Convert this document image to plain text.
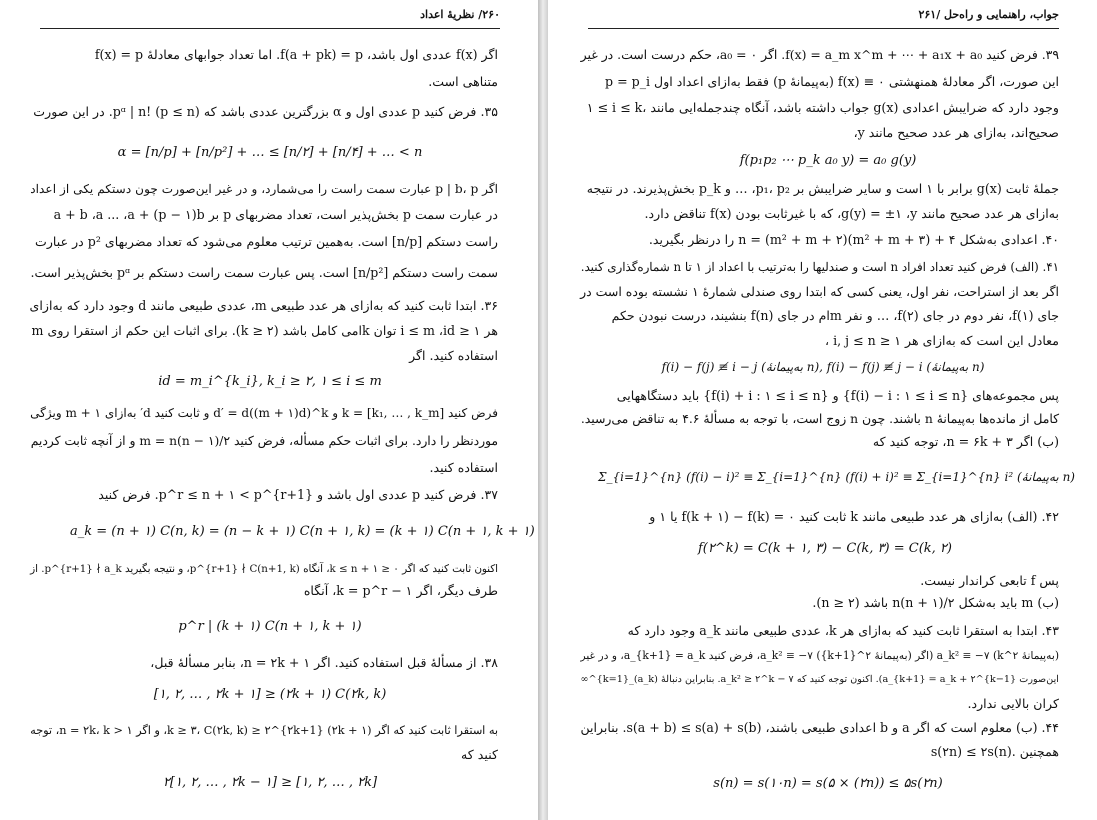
۲۶۰/ نظریهٔ اعداد
اگر f(x) عددی اول باشد، f(a + pk) = p. اما تعداد جوابهای معادلهٔ f(x) = p
متناهی است.
۳۵. فرض کنید p عددی اول و α بزرگترین عددی باشد که pᵅ | n! (p ≤ n). در این صورت
α = [n/p] + [n/p²] + … ≤ [n/۲] + [n/۴] + … < n
اگر p | b، p عبارت سمت راست را می‌شمارد، و در غیر این‌صورت چون دستکم یکی از اعداد
a + b ،a ... ،a + (p − ۱)b بر p بخش‌پذیر است، تعداد مضربهای p در عبارت سمت
راست دستکم [n/p] است. به‌همین ترتیب معلوم می‌شود که تعداد مضربهای p² در عبارت
سمت راست دستکم [n/p²] است. پس عبارت سمت راست دستکم بر pᵅ بخش‌پذیر است.
۳۶. ابتدا ثابت کنید که به‌ازای هر عدد طبیعی m، عددی طبیعی مانند d وجود دارد که به‌ازای
هر ۱ ≤ i ≤ m ،id توان kامی کامل باشد (k ≥ ۲). برای اثبات این حکم از استقرا روی m
استفاده کنید. اگر
id = m_i^{k_i}, k_i ≥ ۲, ۱ ≤ i ≤ m
فرض کنید k = [k₁, … , k_m] و d′ = d((m + ۱)d)^k و ثابت کنید d′ به‌ازای m + ۱ ویژگی
موردنظر را دارد. برای اثبات حکم مسأله، فرض کنید m = n(n − ۱)/۲ و از آنچه ثابت کردیم
استفاده کنید.
۳۷. فرض کنید p عددی اول باشد و p^r ≤ n + ۱ < p^{r+1}. فرض کنید
a_k = (n + ۱) C(n, k) = (n − k + ۱) C(n + ۱, k) = (k + ۱) C(n + ۱, k + ۱)
اکنون ثابت کنید که اگر ۰ ≤ k ≤ n + ۱، آنگاه p^{r+1} ∤ C(n+1, k)، و نتیجه بگیرید p^{r+1} ∤ a_k. از
طرف دیگر، اگر k = p^r − ۱، آنگاه
p^r | (k + ۱) C(n + ۱, k + ۱)
۳۸. از مسألهٔ قبل استفاده کنید. اگر n = ۲k + ۱، بنابر مسألهٔ قبل،
[۱, ۲, … , ۲k + ۱] ≥ (۲k + ۱) C(۲k, k)
به استقرا ثابت کنید که اگر k ≥ ۳، C(۲k, k) ≥ ۲^{۲k+1} (۲k + ۱)، و اگر n = ۲k، k > ۱، توجه
کنید که
۲[۱, ۲, … , ۲k − ۱] ≥ [۱, ۲, … , ۲k]
جواب، راهنمایی و راه‌حل /۲۶۱
۳۹. فرض کنید f(x) = a_m x^m + ⋯ + a₁x + a₀. اگر a₀ = ۰، حکم درست است. در غیر
این صورت، اگر معادلهٔ همنهشتی f(x) ≡ ۰ (به‌پیمانهٔ p) فقط به‌ازای اعداد اول p = p_i
۱ ≤ i ≤ k، جواب داشته باشد، آنگاه چندجمله‌ایی مانند g(x) وجود دارد که ضرایبش اعدادی
صحیح‌اند، به‌ازای هر عدد صحیح مانند y،
f(p₁p₂ ⋯ p_k a₀ y) = a₀ g(y)
جملهٔ ثابت g(x) برابر با ۱ است و سایر ضرایبش بر p₁، p₂، … و p_k بخش‌پذیرند. در نتیجه
به‌ازای هر عدد صحیح مانند g(y) = ±۱ ،y، که با غیرثابت بودن f(x) تناقض دارد.
۴۰. اعدادی به‌شکل n = (m² + m + ۲)(m² + m + ۳) + ۴ را درنظر بگیرید.
۴۱. (الف) فرض کنید تعداد افراد n است و صندلیها را به‌ترتیب با اعداد از ۱ تا n شماره‌گذاری کنید.
اگر بعد از استراحت، نفر اول، یعنی کسی که ابتدا روی صندلی شمارهٔ ۱ نشسته بوده است در
جای f(۱)، نفر دوم در جای f(۲)، … و نفر mام در جای f(n) بنشیند، درست نبودن حکم
معادل این است که به‌ازای هر ۱ ≤ i, j ≤ n ،
f(i) − f(j) ≢ i − j (به‌پیمانهٔ n), f(i) − f(j) ≢ j − i (به‌پیمانهٔ n)
پس مجموعه‌های {f(i) − i : ۱ ≤ i ≤ n} و {f(i) + i : ۱ ≤ i ≤ n} باید دستگاههایی
کامل از مانده‌ها به‌پیمانهٔ n باشند. چون n زوج است، با توجه به مسألهٔ ۴.۶ به تناقض می‌رسید.
(ب) اگر n = ۶k + ۳، توجه کنید که
Σ_{i=1}^{n} (f(i) − i)² ≡ Σ_{i=1}^{n} (f(i) + i)² ≡ Σ_{i=1}^{n} i² (به‌پیمانهٔ n)
۴۲. (الف) به‌ازای هر عدد طبیعی مانند k ثابت کنید f(k + ۱) − f(k) = ۰ یا ۱ و
f(۲^k) = C(k + ۱, ۳) − C(k, ۳) = C(k, ۲)
پس f تابعی کراندار نیست.
(ب) m باید به‌شکل n(n + ۱)/۲ باشد (n ≥ ۲).
۴۳. ابتدا به استقرا ثابت کنید که به‌ازای هر k، عددی طبیعی مانند a_k وجود دارد که
(به‌پیمانهٔ ۲^k) a_k² ≡ −۷ (اگر (به‌پیمانهٔ ۲^{k+1}) a_k² ≡ −۷، فرض کنید a_{k+1} = a_k، و در غیر
این‌صورت a_{k+1} = a_k + ۲^{k−1}). اکنون توجه کنید که a_k² ≥ ۲^k − ۷. بنابراین دنبالهٔ (a_k)_{k=1}^∞
کران بالایی ندارد.
۴۴. (ب) معلوم است که اگر a و b اعدادی طبیعی باشند، s(a + b) ≤ s(a) + s(b). بنابراین
s(۲n) ≤ ۲s(n). همچنین
s(n) = s(۱۰n) = s(۵ × (۲n)) ≤ ۵s(۲n)
